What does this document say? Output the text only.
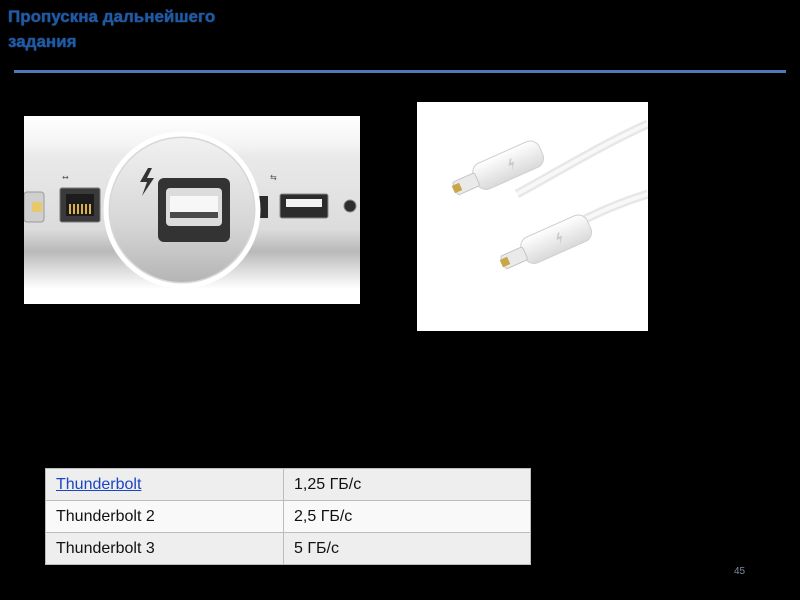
Пропускна дальнейшего
задания
↔	⇆
Thunderbolt	1,25 ГБ/с
Thunderbolt 2	2,5 ГБ/с
Thunderbolt 3	5 ГБ/с
45
